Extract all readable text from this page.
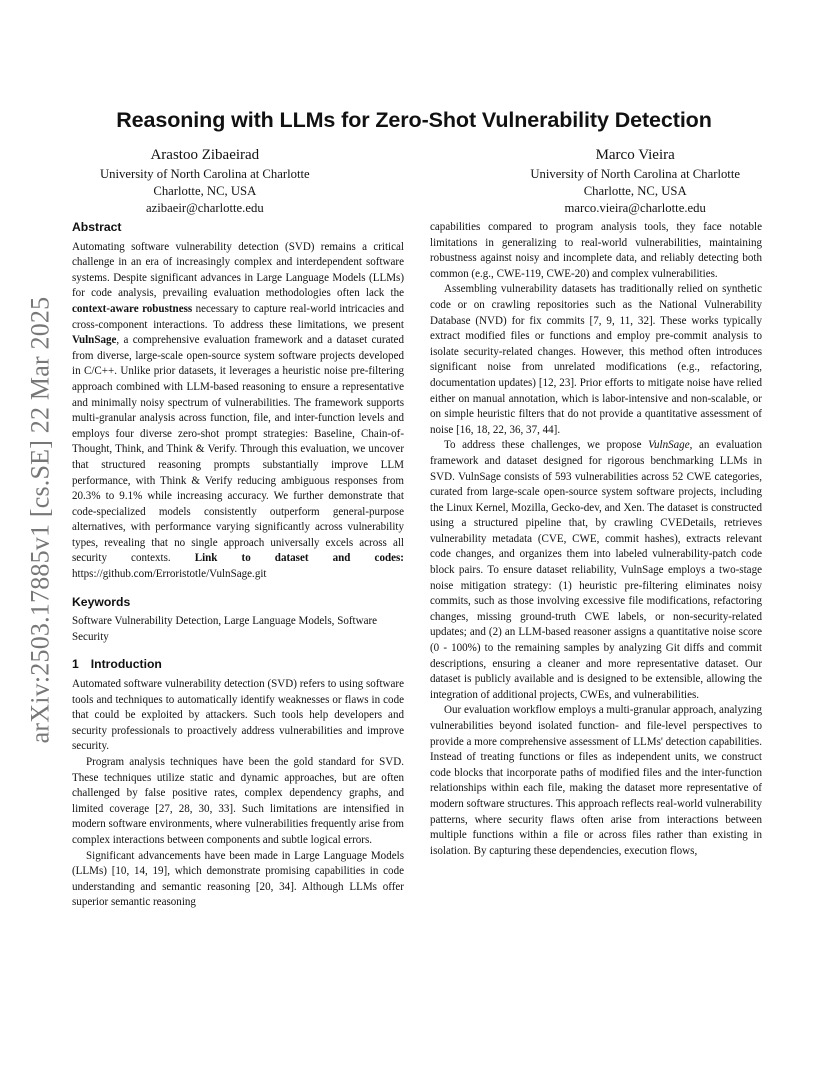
arXiv:2503.17885v1 [cs.SE] 22 Mar 2025
Reasoning with LLMs for Zero-Shot Vulnerability Detection
Arastoo Zibaeirad
University of North Carolina at Charlotte
Charlotte, NC, USA
azibaeir@charlotte.edu
Marco Vieira
University of North Carolina at Charlotte
Charlotte, NC, USA
marco.vieira@charlotte.edu
Abstract

Automating software vulnerability detection (SVD) remains a critical challenge in an era of increasingly complex and interdependent software systems. Despite significant advances in Large Language Models (LLMs) for code analysis, prevailing evaluation methodologies often lack the context-aware robustness necessary to capture real-world intricacies and cross-component interactions. To address these limitations, we present VulnSage, a comprehensive evaluation framework and a dataset curated from diverse, large-scale open-source system software projects developed in C/C++. Unlike prior datasets, it leverages a heuristic noise pre-filtering approach combined with LLM-based reasoning to ensure a representative and minimally noisy spectrum of vulnerabilities. The framework supports multi-granular analysis across function, file, and inter-function levels and employs four diverse zero-shot prompt strategies: Baseline, Chain-of-Thought, Think, and Think & Verify. Through this evaluation, we uncover that structured reasoning prompts substantially improve LLM performance, with Think & Verify reducing ambiguous responses from 20.3% to 9.1% while increasing accuracy. We further demonstrate that code-specialized models consistently outperform general-purpose alternatives, with performance varying significantly across vulnerability types, revealing that no single approach universally excels across all security contexts. Link to dataset and codes: https://github.com/Erroristotle/VulnSage.git

Keywords

Software Vulnerability Detection, Large Language Models, Software Security

1 Introduction

Automated software vulnerability detection (SVD) refers to using software tools and techniques to automatically identify weaknesses or flaws in code that could be exploited by attackers. Such tools help developers and security professionals to proactively address vulnerabilities and improve security.

Program analysis techniques have been the gold standard for SVD. These techniques utilize static and dynamic approaches, but are often challenged by false positive rates, complex dependency graphs, and limited coverage [27, 28, 30, 33]. Such limitations are intensified in modern software environments, where vulnerabilities frequently arise from complex interactions between components and subtle logical errors.

Significant advancements have been made in Large Language Models (LLMs) [10, 14, 19], which demonstrate promising capabilities in code understanding and semantic reasoning [20, 34]. Although LLMs offer superior semantic reasoning

capabilities compared to program analysis tools, they face notable limitations in generalizing to real-world vulnerabilities, maintaining robustness against noisy and incomplete data, and reliably detecting both common (e.g., CWE-119, CWE-20) and complex vulnerabilities.

Assembling vulnerability datasets has traditionally relied on synthetic code or on crawling repositories such as the National Vulnerability Database (NVD) for fix commits [7, 9, 11, 32]. These works typically extract modified files or functions and employ pre-commit analysis to isolate security-related changes. However, this method often introduces significant noise from unrelated modifications (e.g., refactoring, documentation updates) [12, 23]. Prior efforts to mitigate noise have relied either on manual annotation, which is labor-intensive and non-scalable, or on simple heuristic filters that do not provide a quantitative assessment of noise [16, 18, 22, 36, 37, 44].

To address these challenges, we propose VulnSage, an evaluation framework and dataset designed for rigorous benchmarking LLMs in SVD. VulnSage consists of 593 vulnerabilities across 52 CWE categories, curated from large-scale open-source system software projects, including the Linux Kernel, Mozilla, Gecko-dev, and Xen. The dataset is constructed using a structured pipeline that, by crawling CVEDetails, retrieves vulnerability metadata (CVE, CWE, commit hashes), extracts relevant code changes, and organizes them into labeled vulnerability-patch code block pairs. To ensure dataset reliability, VulnSage employs a two-stage noise mitigation strategy: (1) heuristic pre-filtering eliminates noisy commits, such as those involving excessive file modifications, refactoring changes, missing ground-truth CWE labels, or non-security-related updates; and (2) an LLM-based reasoner assigns a quantitative noise score (0 - 100%) to the remaining samples by analyzing Git diffs and commit descriptions, ensuring a cleaner and more representative dataset. Our dataset is publicly available and is designed to be extensible, allowing the integration of additional projects, CWEs, and vulnerabilities.

Our evaluation workflow employs a multi-granular approach, analyzing vulnerabilities beyond isolated function- and file-level perspectives to provide a more comprehensive assessment of LLMs' detection capabilities. Instead of treating functions or files as independent units, we construct code blocks that incorporate paths of modified files and the inter-function relationships within each file, making the dataset more representative of modern software structures. This approach reflects real-world vulnerability patterns, where security flaws often arise from interactions between multiple functions within a file or across files rather than existing in isolation. By capturing these dependencies, execution flows,
